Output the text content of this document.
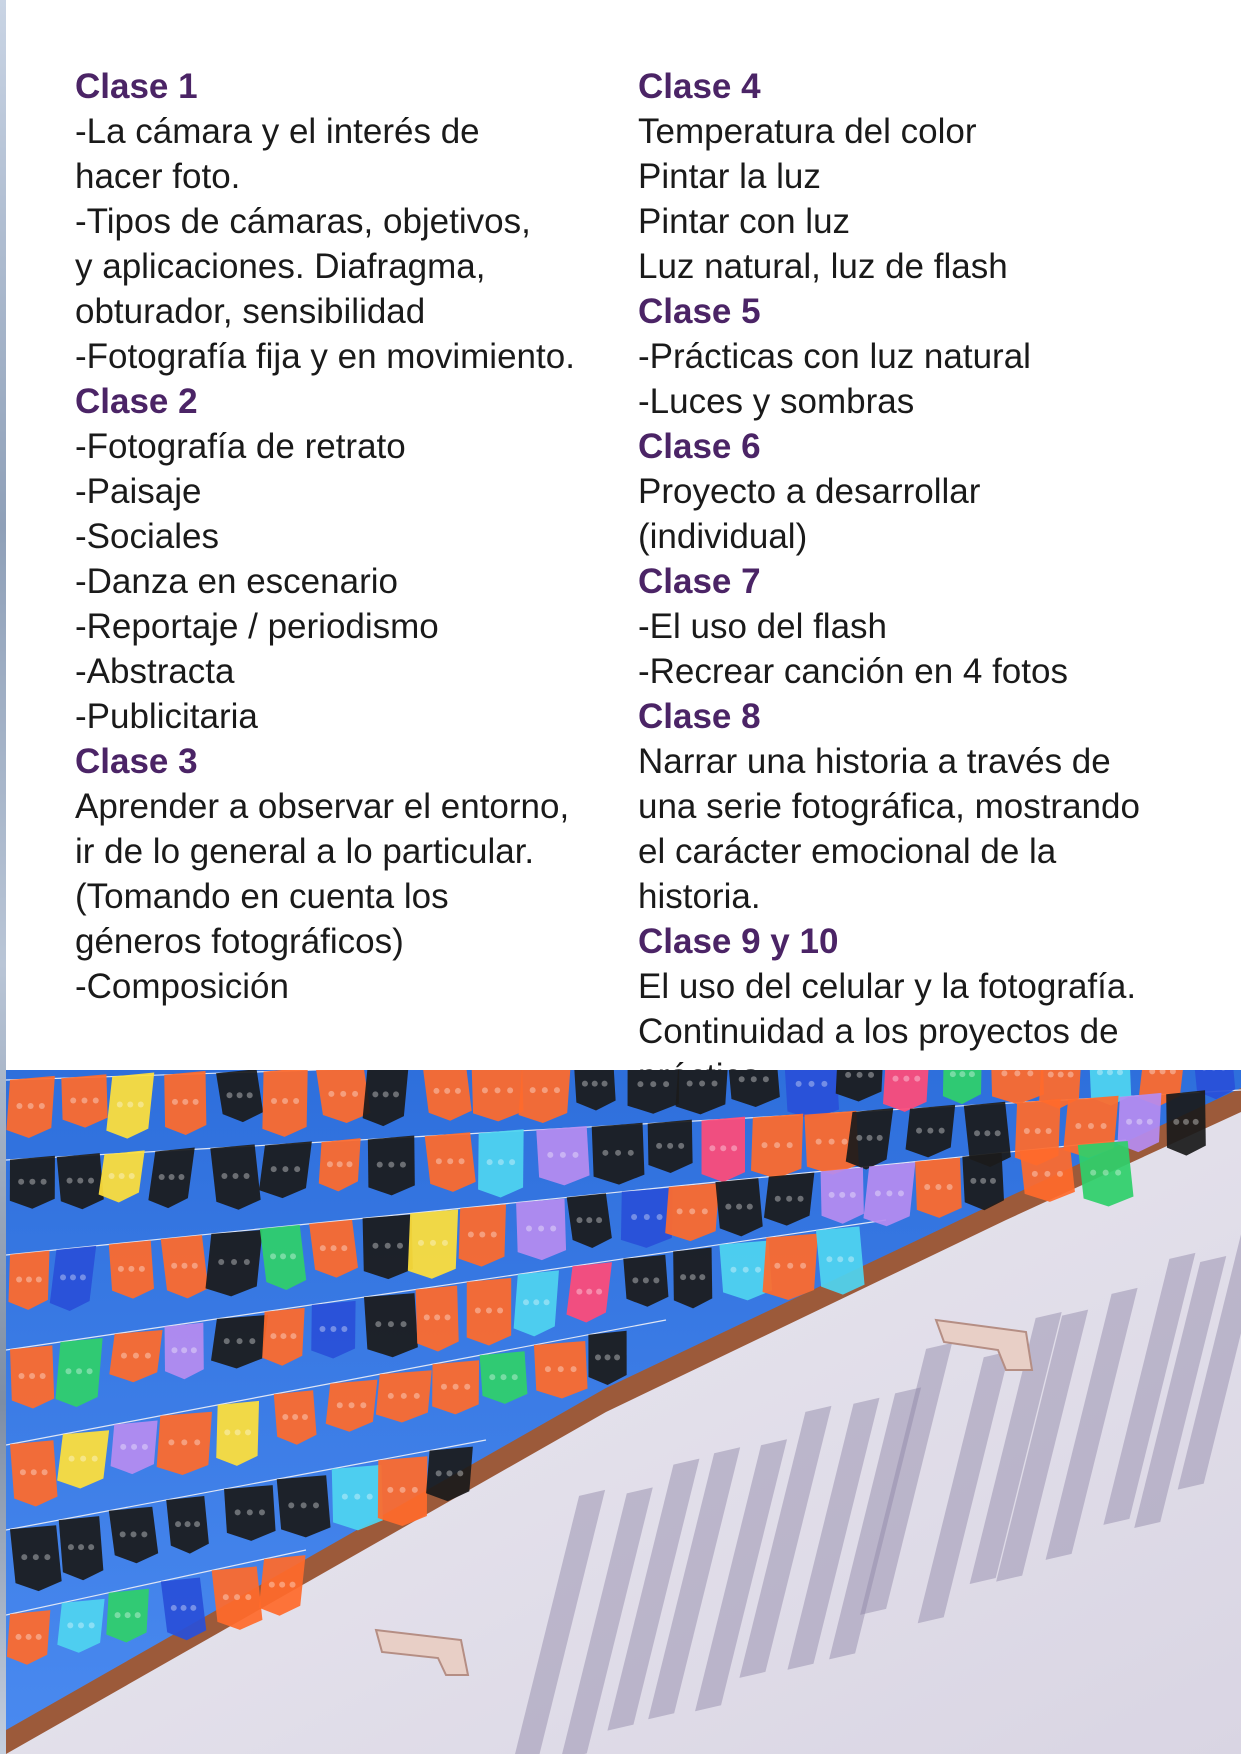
Clase 1
-La cámara y el interés de
hacer foto.
-Tipos de cámaras, objetivos,
y aplicaciones. Diafragma,
obturador, sensibilidad
-Fotografía fija y en movimiento.
Clase 2
-Fotografía de retrato
-Paisaje
-Sociales
-Danza en escenario
-Reportaje / periodismo
-Abstracta
-Publicitaria
Clase 3
Aprender a observar el entorno,
ir de lo general a lo particular.
(Tomando en cuenta los
géneros fotográficos)
-Composición
Clase 4
Temperatura del color
Pintar la luz
Pintar con luz
Luz natural, luz de flash
Clase 5
-Prácticas con luz natural
-Luces y sombras
Clase 6
Proyecto a desarrollar
(individual)
Clase 7
-El uso del flash
-Recrear canción en 4 fotos
Clase 8
Narrar una historia a través de
una serie fotográfica, mostrando
el carácter emocional de la
historia.
Clase 9 y 10
El uso del celular y la fotografía.
Continuidad a los proyectos de
